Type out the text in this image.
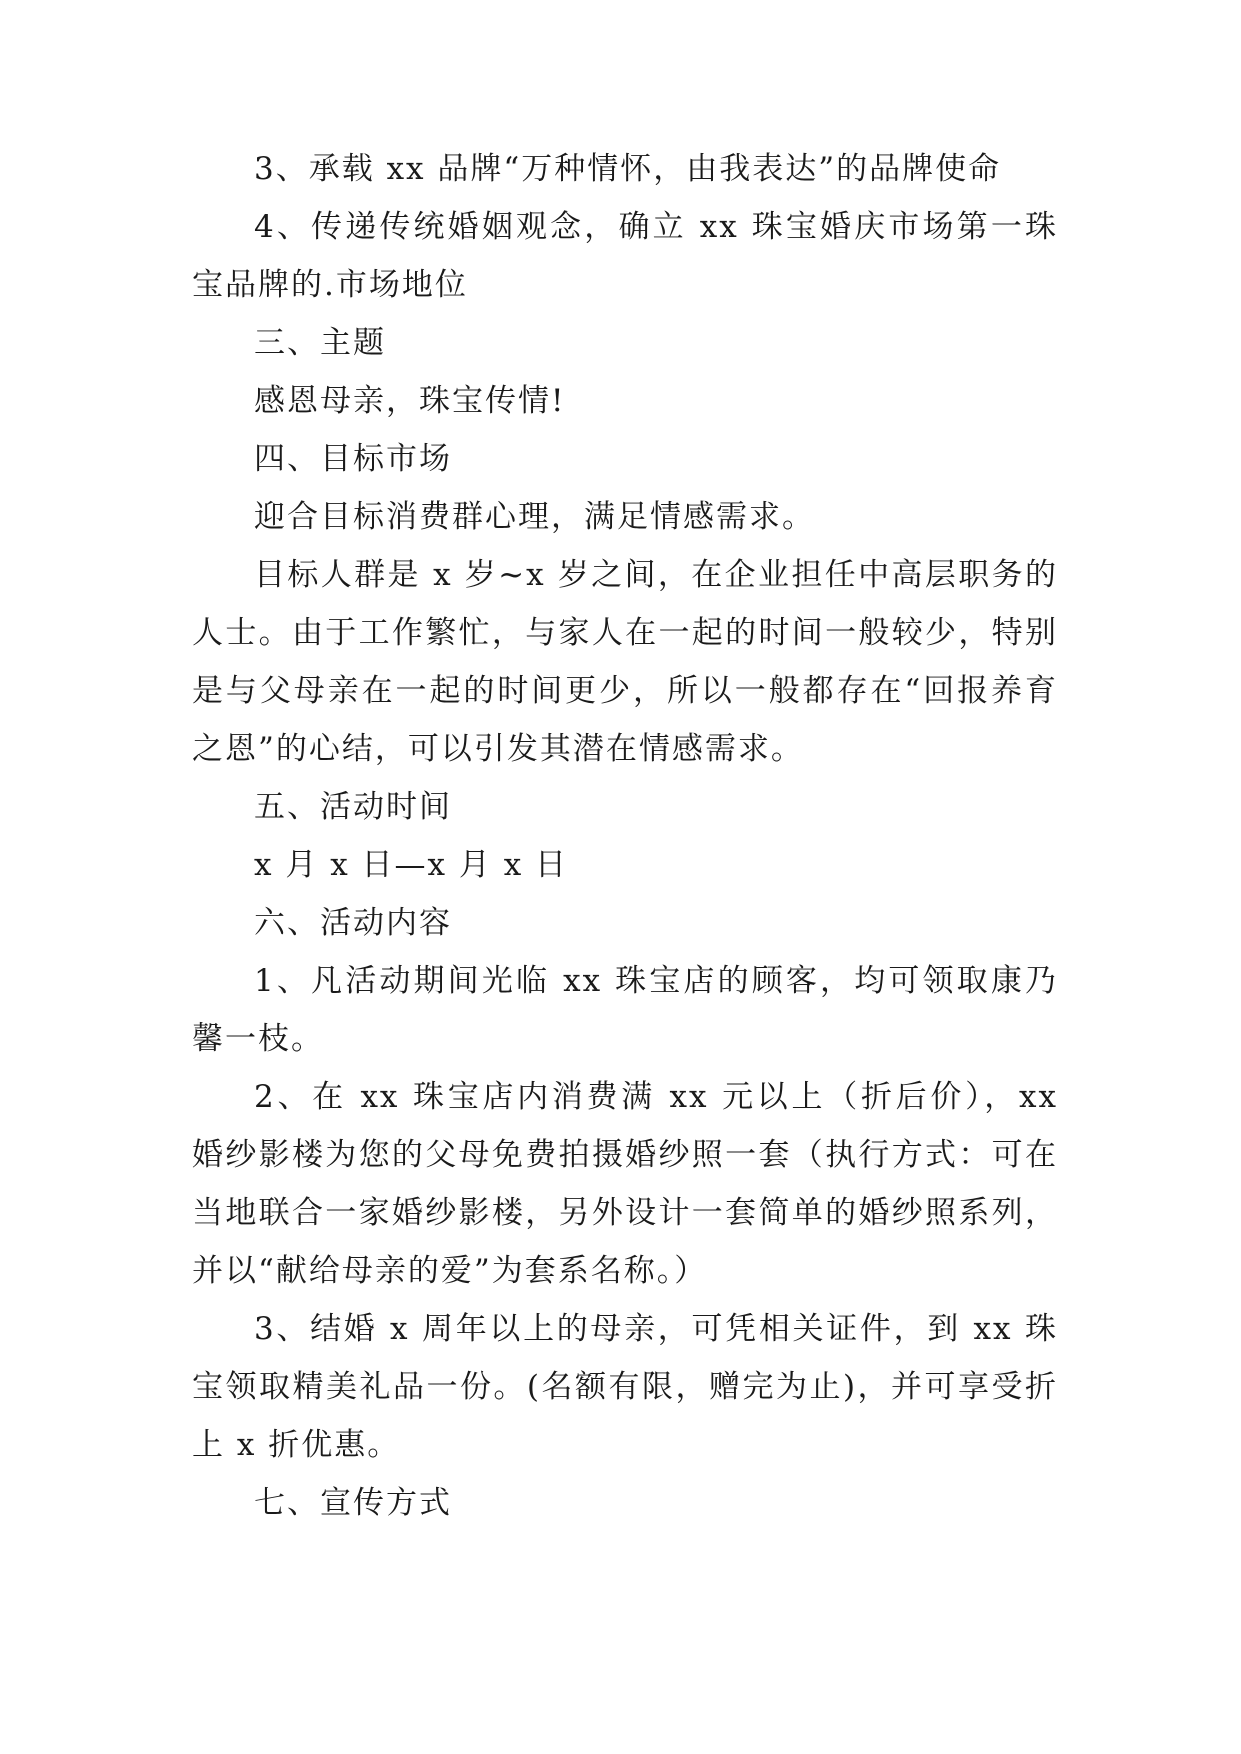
3、承载 xx 品牌“万种情怀，由我表达”的品牌使命

4、传递传统婚姻观念，确立 xx 珠宝婚庆市场第一珠宝品牌的.市场地位

三、主题

感恩母亲，珠宝传情!

四、目标市场

迎合目标消费群心理，满足情感需求。

目标人群是 x 岁~x 岁之间，在企业担任中高层职务的人士。由于工作繁忙，与家人在一起的时间一般较少，特别是与父母亲在一起的时间更少，所以一般都存在“回报养育之恩”的心结，可以引发其潜在情感需求。

五、活动时间

x 月 x 日—x 月 x 日

六、活动内容

1、凡活动期间光临 xx 珠宝店的顾客，均可领取康乃馨一枝。

2、在 xx 珠宝店内消费满 xx 元以上（折后价），xx 婚纱影楼为您的父母免费拍摄婚纱照一套（执行方式：可在当地联合一家婚纱影楼，另外设计一套简单的婚纱照系列，并以“献给母亲的爱”为套系名称。）

3、结婚 x 周年以上的母亲，可凭相关证件，到 xx 珠宝领取精美礼品一份。(名额有限，赠完为止)，并可享受折上 x 折优惠。

七、宣传方式
